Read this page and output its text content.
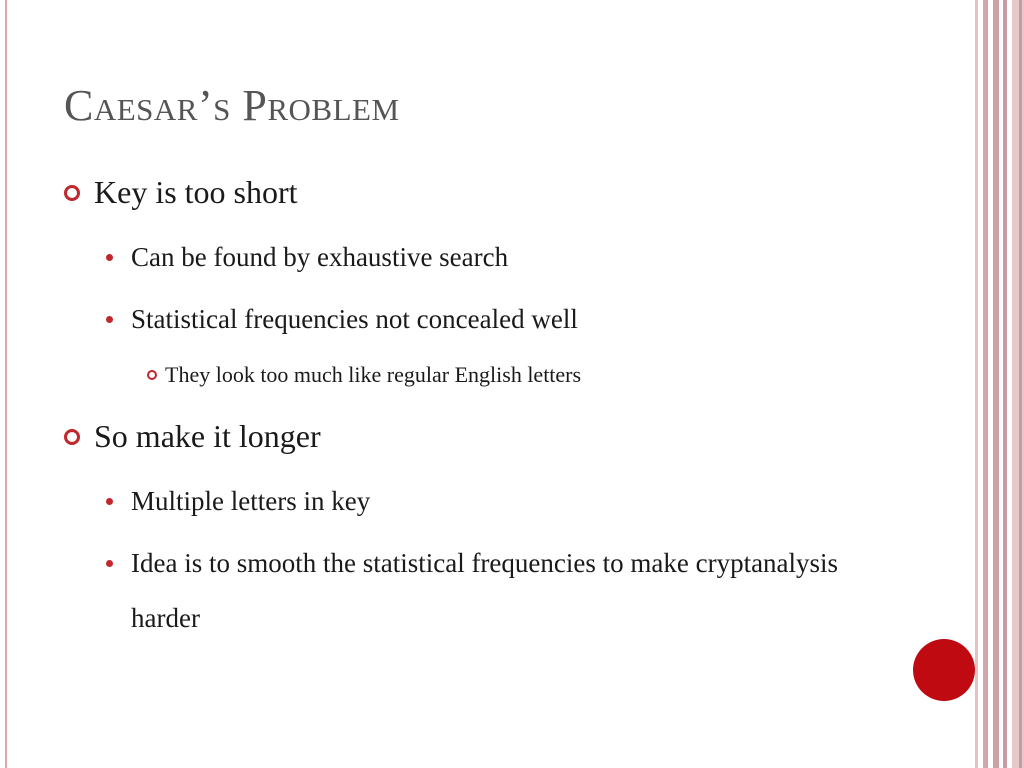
Caesar’s Problem
Key is too short
Can be found by exhaustive search
Statistical frequencies not concealed well
They look too much like regular English letters
So make it longer
Multiple letters in key
Idea is to smooth the statistical frequencies to make cryptanalysis harder
